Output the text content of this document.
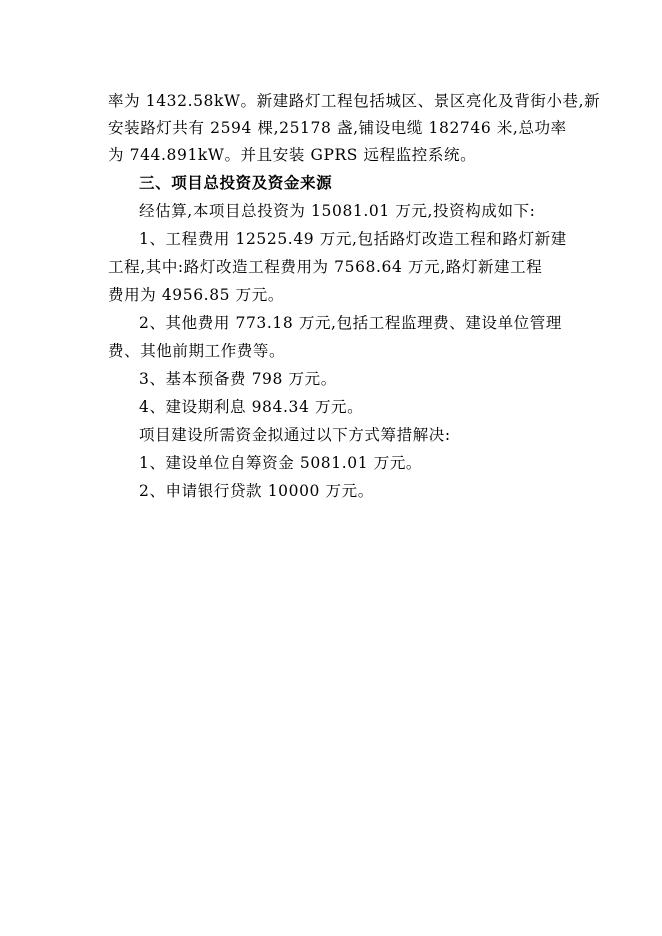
率为 1432.58kW。新建路灯工程包括城区、景区亮化及背街小巷,新
安装路灯共有 2594 棵,25178 盏,铺设电缆 182746 米,总功率
为 744.891kW。并且安装 GPRS 远程监控系统。
三、项目总投资及资金来源
经估算,本项目总投资为 15081.01 万元,投资构成如下:
1、工程费用 12525.49 万元,包括路灯改造工程和路灯新建
工程,其中:路灯改造工程费用为 7568.64 万元,路灯新建工程
费用为 4956.85 万元。
2、其他费用 773.18 万元,包括工程监理费、建设单位管理
费、其他前期工作费等。
3、基本预备费 798 万元。
4、建设期利息 984.34 万元。
项目建设所需资金拟通过以下方式筹措解决:
1、建设单位自筹资金 5081.01 万元。
2、申请银行贷款 10000 万元。
